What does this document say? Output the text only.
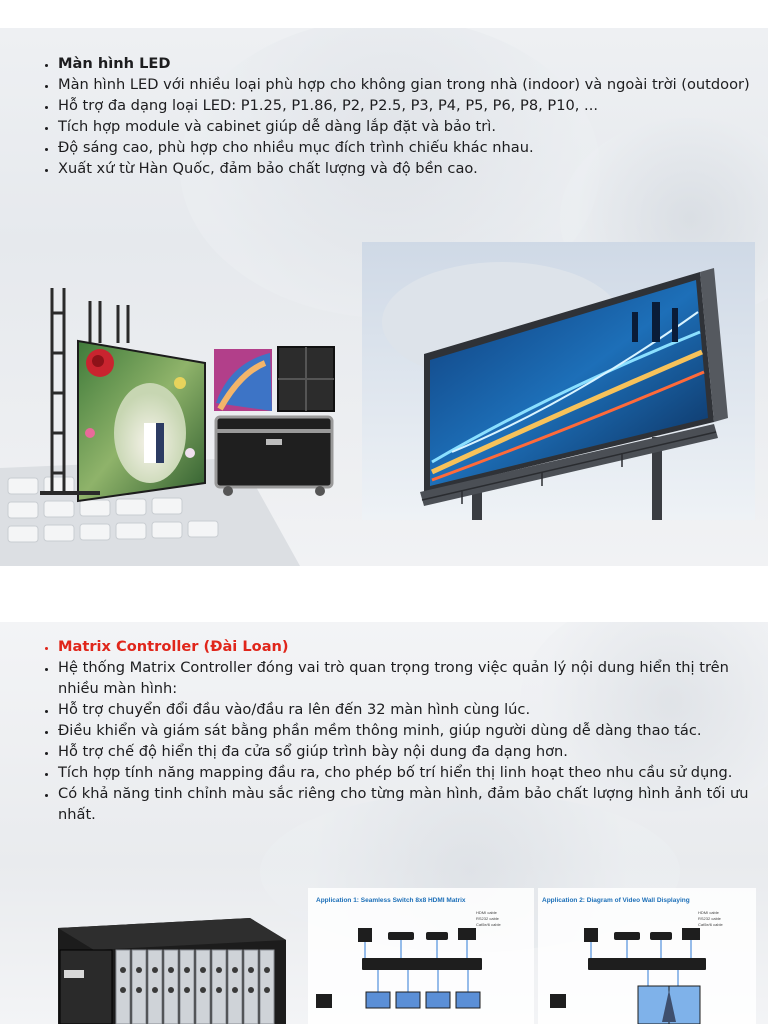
• Màn hình LED
• Màn hình LED với nhiều loại phù hợp cho không gian trong nhà (indoor) và ngoài trời (outdoor)
• Hỗ trợ đa dạng loại LED: P1.25, P1.86, P2, P2.5, P3, P4, P5, P6, P8, P10, ...
• Tích hợp module và cabinet giúp dễ dàng lắp đặt và bảo trì.
• Độ sáng cao, phù hợp cho nhiều mục đích trình chiếu khác nhau.
• Xuất xứ từ Hàn Quốc, đảm bảo chất lượng và độ bền cao.
• Matrix Controller (Đài Loan)
• Hệ thống Matrix Controller đóng vai trò quan trọng trong việc quản lý nội dung hiển thị trên nhiều màn hình:
• Hỗ trợ chuyển đổi đầu vào/đầu ra lên đến 32 màn hình cùng lúc.
• Điều khiển và giám sát bằng phần mềm thông minh, giúp người dùng dễ dàng thao tác.
• Hỗ trợ chế độ hiển thị đa cửa sổ giúp trình bày nội dung đa dạng hơn.
• Tích hợp tính năng mapping đầu ra, cho phép bố trí hiển thị linh hoạt theo nhu cầu sử dụng.
• Có khả năng tinh chỉnh màu sắc riêng cho từng màn hình, đảm bảo chất lượng hình ảnh tối ưu nhất.
Application 1: Seamless Switch 8x8 HDMI Matrix
HDMI cable
RS232 cable
Cat5e/6 cable
Application 2: Diagram of Video Wall Displaying
HDMI cable
RS232 cable
Cat5e/6 cable
